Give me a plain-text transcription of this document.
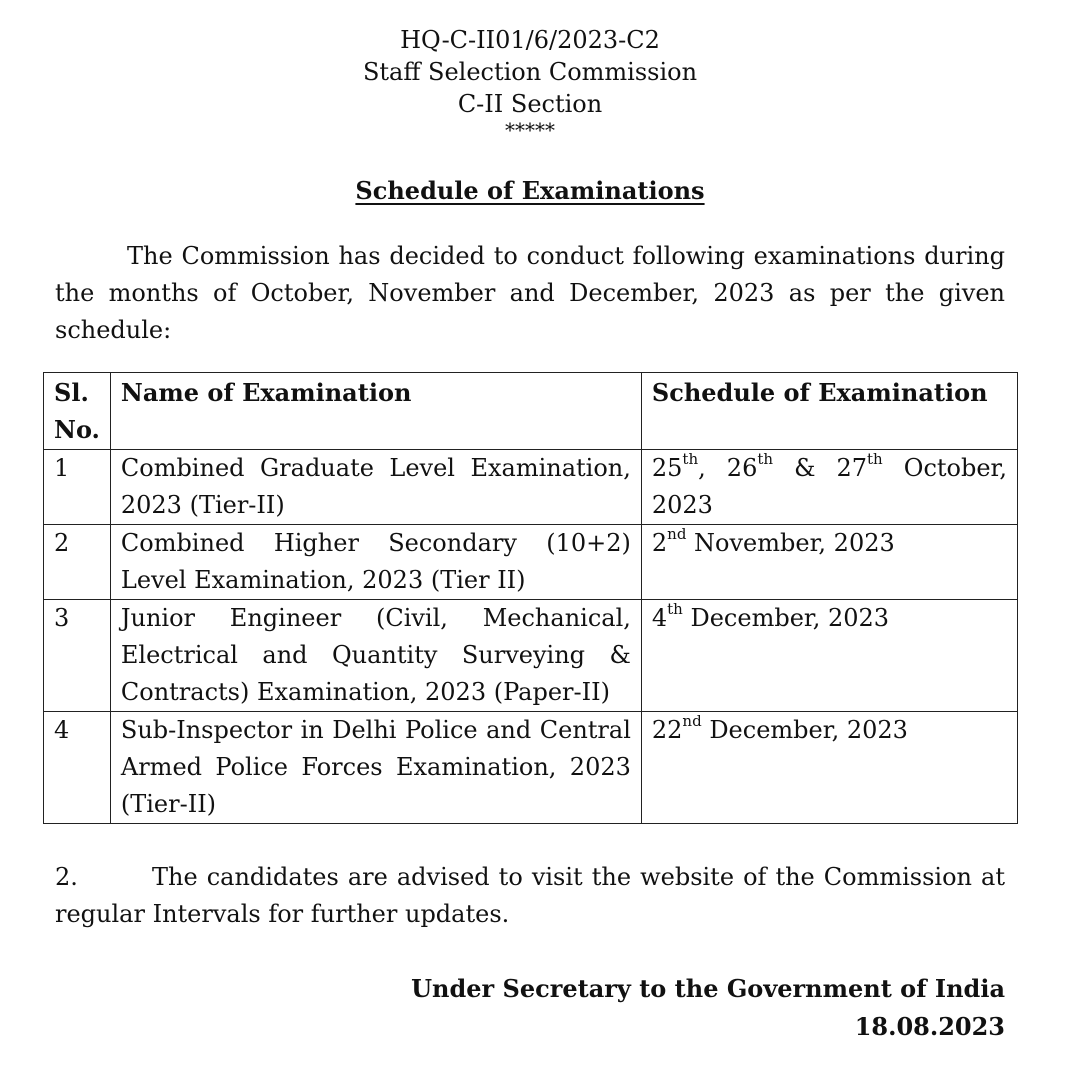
HQ-C-II01/6/2023-C2
Staff Selection Commission
C-II Section
*****
Schedule of Examinations
The Commission has decided to conduct following examinations during the months of October, November and December, 2023 as per the given schedule:
Sl. No.	Name of Examination	Schedule of Examination
1	Combined Graduate Level Examination, 2023 (Tier-II)	25th, 26th & 27th October, 2023
2	Combined Higher Secondary (10+2) Level Examination, 2023 (Tier II)	2nd November, 2023
3	Junior Engineer (Civil, Mechanical, Electrical and Quantity Surveying & Contracts) Examination, 2023 (Paper-II)	4th December, 2023
4	Sub-Inspector in Delhi Police and Central Armed Police Forces Examination, 2023 (Tier-II)	22nd December, 2023
2.	The candidates are advised to visit the website of the Commission at regular Intervals for further updates.
Under Secretary to the Government of India
18.08.2023
